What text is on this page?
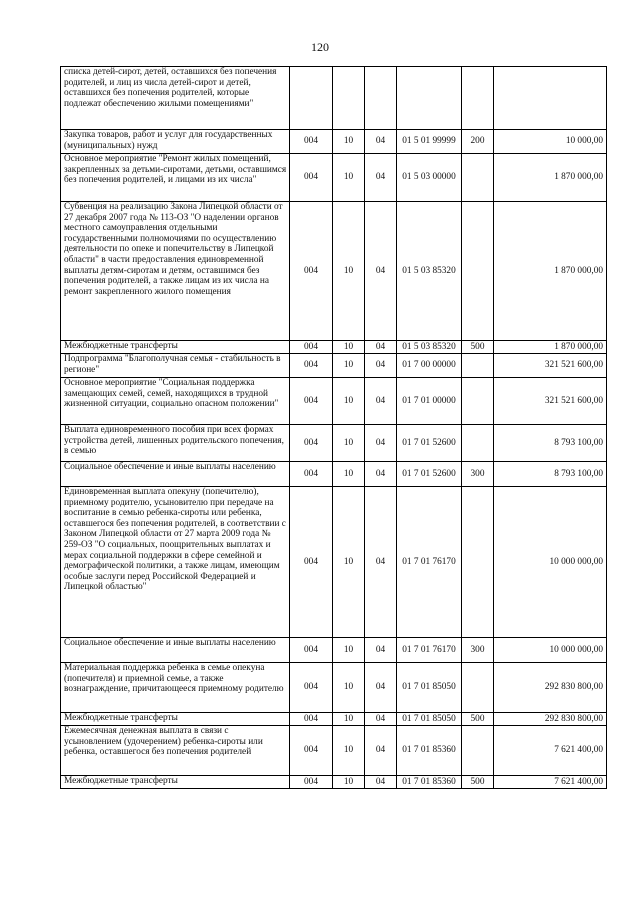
120
списка детей-сирот, детей, оставшихся без попечения родителей, и лиц из числа детей-сирот и детей, оставшихся без попечения родителей, которые подлежат обеспечению жилыми помещениями"						
Закупка товаров, работ и услуг для государственных (муниципальных) нужд	004	10	04	01 5 01 99999	200	10 000,00
Основное мероприятие "Ремонт жилых помещений, закрепленных за детьми-сиротами, детьми, оставшимся без попечения родителей, и лицами из их числа"	004	10	04	01 5 03 00000		1 870 000,00
Субвенция на реализацию Закона Липецкой области от 27 декабря 2007 года № 113-ОЗ "О наделении органов местного самоуправления отдельными государственными полномочиями по осуществлению деятельности по опеке и попечительству в Липецкой области" в части предоставления единовременной выплаты детям-сиротам и детям, оставшимся без попечения родителей, а также лицам из их числа на ремонт закрепленного жилого помещения	004	10	04	01 5 03 85320		1 870 000,00
Межбюджетные трансферты	004	10	04	01 5 03 85320	500	1 870 000,00
Подпрограмма "Благополучная семья - стабильность в регионе"	004	10	04	01 7 00 00000		321 521 600,00
Основное мероприятие "Социальная поддержка замещающих семей, семей, находящихся в трудной жизненной ситуации, социально опасном положении"	004	10	04	01 7 01 00000		321 521 600,00
Выплата единовременного пособия при всех формах устройства детей, лишенных родительского попечения, в семью	004	10	04	01 7 01 52600		8 793 100,00
Социальное обеспечение и иные выплаты населению	004	10	04	01 7 01 52600	300	8 793 100,00
Единовременная выплата опекуну (попечителю), приемному родителю, усыновителю при передаче на воспитание в семью ребенка-сироты или ребенка, оставшегося без попечения родителей, в соответствии с Законом Липецкой области от 27 марта 2009 года № 259-ОЗ "О социальных, поощрительных выплатах и мерах социальной поддержки в сфере семейной и демографической политики, а также лицам, имеющим особые заслуги перед Российской Федерацией и Липецкой областью"	004	10	04	01 7 01 76170		10 000 000,00
Социальное обеспечение и иные выплаты населению	004	10	04	01 7 01 76170	300	10 000 000,00
Материальная поддержка ребенка в семье опекуна (попечителя) и приемной семье, а также вознаграждение, причитающееся приемному родителю	004	10	04	01 7 01 85050		292 830 800,00
Межбюджетные трансферты	004	10	04	01 7 01 85050	500	292 830 800,00
Ежемесячная денежная выплата в связи с усыновлением (удочерением) ребенка-сироты или ребенка, оставшегося без попечения родителей	004	10	04	01 7 01 85360		7 621 400,00
Межбюджетные трансферты	004	10	04	01 7 01 85360	500	7 621 400,00
